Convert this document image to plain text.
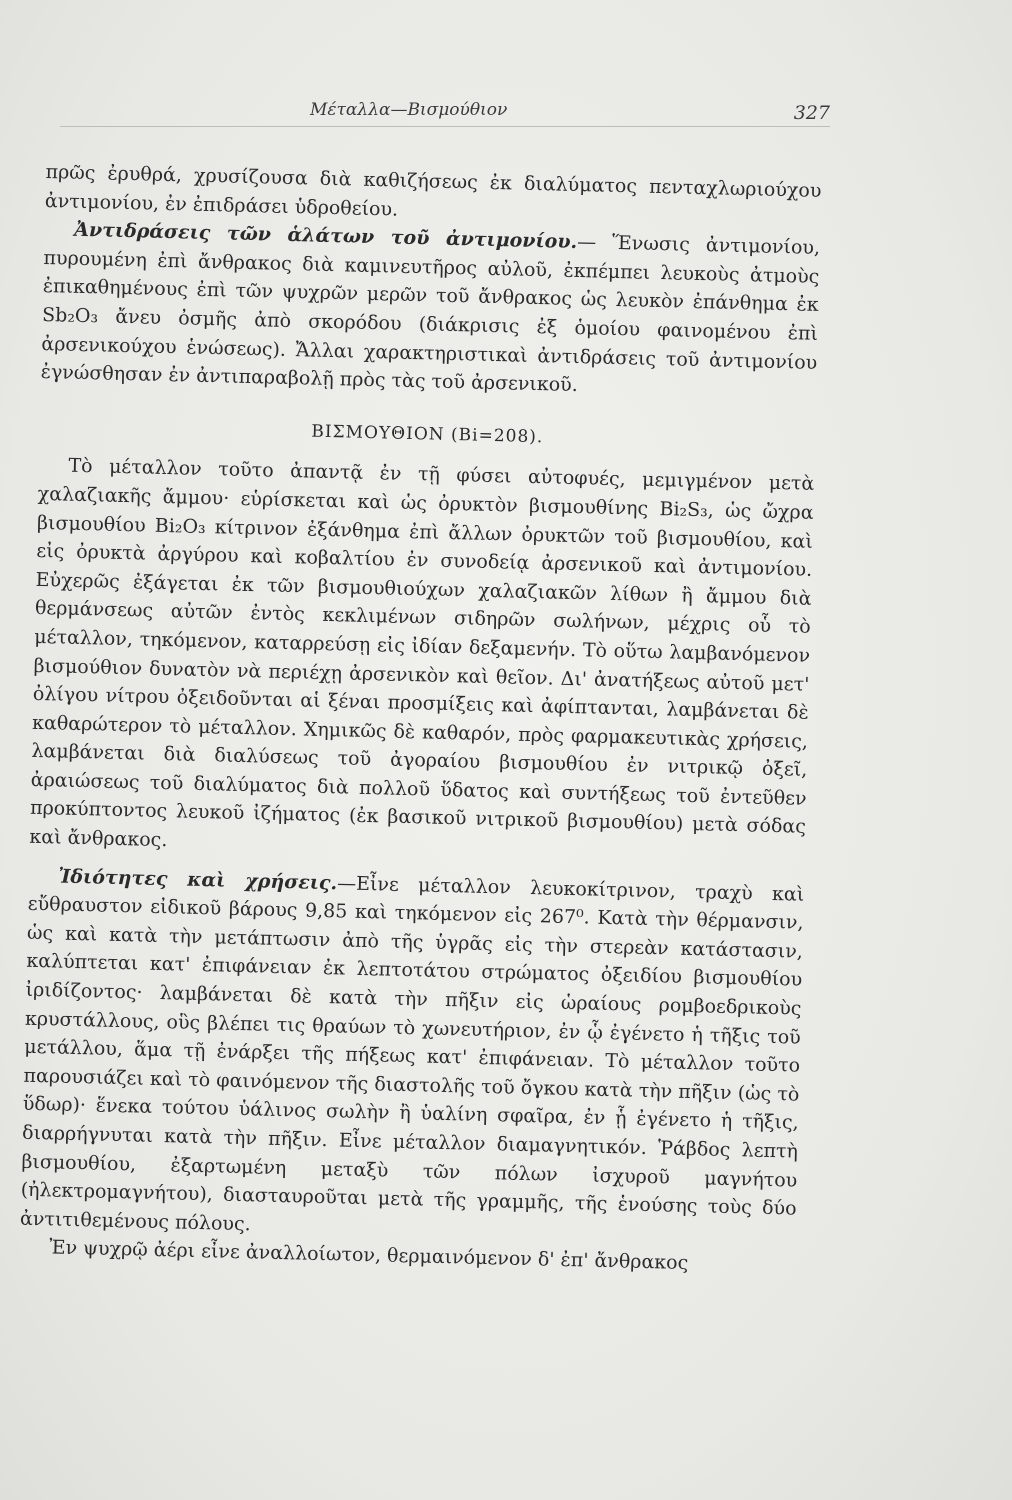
Μέταλλα—Βισμούθιον	327

πρῶς ἐρυθρά, χρυσίζουσα διὰ καθιζήσεως ἐκ διαλύματος πενταχλωριούχου ἀντιμονίου, ἐν ἐπιδράσει ὑδροθείου.

Ἀντιδράσεις τῶν ἁλάτων τοῦ ἀντιμονίου.— Ἕνωσις ἀντιμονίου, πυρουμένη ἐπὶ ἄνθρακος διὰ καμινευτῆρος αὐλοῦ, ἐκπέμπει λευκοὺς ἀτμοὺς ἐπικαθημένους ἐπὶ τῶν ψυχρῶν μερῶν τοῦ ἄνθρακος ὡς λευκὸν ἐπάνθημα ἐκ Sb₂O₃ ἄνευ ὀσμῆς ἀπὸ σκορόδου (διάκρισις ἐξ ὁμοίου φαινομένου ἐπὶ ἀρσενικούχου ἑνώσεως). Ἄλλαι χαρακτηριστικαὶ ἀντιδράσεις τοῦ ἀντιμονίου ἐγνώσθησαν ἐν ἀντιπαραβολῇ πρὸς τὰς τοῦ ἀρσενικοῦ.

ΒΙΣΜΟΥΘΙΟΝ (Bi=208).

Τὸ μέταλλον τοῦτο ἀπαντᾷ ἐν τῇ φύσει αὐτοφυές, μεμιγμένον μετὰ χαλαζιακῆς ἄμμου· εὑρίσκεται καὶ ὡς ὀρυκτὸν βισμουθίνης Bi₂S₃, ὡς ὤχρα βισμουθίου Bi₂O₃ κίτρινον ἐξάνθημα ἐπὶ ἄλλων ὀρυκτῶν τοῦ βισμουθίου, καὶ εἰς ὀρυκτὰ ἀργύρου καὶ κοβαλτίου ἐν συνοδείᾳ ἀρσενικοῦ καὶ ἀντιμονίου. Εὐχερῶς ἐξάγεται ἐκ τῶν βισμουθιούχων χαλαζιακῶν λίθων ἢ ἄμμου διὰ θερμάνσεως αὐτῶν ἐντὸς κεκλιμένων σιδηρῶν σωλήνων, μέχρις οὗ τὸ μέταλλον, τηκόμενον, καταρρεύσῃ εἰς ἰδίαν δεξαμενήν. Τὸ οὕτω λαμβανόμενον βισμούθιον δυνατὸν νὰ περιέχῃ ἀρσενικὸν καὶ θεῖον. Δι' ἀνατήξεως αὐτοῦ μετ' ὀλίγου νίτρου ὀξειδοῦνται αἱ ξέναι προσμίξεις καὶ ἀφίπτανται, λαμβάνεται δὲ καθαρώτερον τὸ μέταλλον. Χημικῶς δὲ καθαρόν, πρὸς φαρμακευτικὰς χρήσεις, λαμβάνεται διὰ διαλύσεως τοῦ ἀγοραίου βισμουθίου ἐν νιτρικῷ ὀξεῖ, ἀραιώσεως τοῦ διαλύματος διὰ πολλοῦ ὕδατος καὶ συντήξεως τοῦ ἐντεῦθεν προκύπτοντος λευκοῦ ἰζήματος (ἐκ βασικοῦ νιτρικοῦ βισμουθίου) μετὰ σόδας καὶ ἄνθρακος.

Ἰδιότητες καὶ χρήσεις.—Εἶνε μέταλλον λευκοκίτρινον, τραχὺ καὶ εὔθραυστον εἰδικοῦ βάρους 9,85 καὶ τηκόμενον εἰς 267⁰. Κατὰ τὴν θέρμανσιν, ὡς καὶ κατὰ τὴν μετάπτωσιν ἀπὸ τῆς ὑγρᾶς εἰς τὴν στερεὰν κατάστασιν, καλύπτεται κατ' ἐπιφάνειαν ἐκ λεπτοτάτου στρώματος ὀξειδίου βισμουθίου ἰριδίζοντος· λαμβάνεται δὲ κατὰ τὴν πῆξιν εἰς ὡραίους ρομβοεδρικοὺς κρυστάλλους, οὓς βλέπει τις θραύων τὸ χωνευτήριον, ἐν ᾧ ἐγένετο ἡ τῆξις τοῦ μετάλλου, ἅμα τῇ ἐνάρξει τῆς πήξεως κατ' ἐπιφάνειαν. Τὸ μέταλλον τοῦτο παρουσιάζει καὶ τὸ φαινόμενον τῆς διαστολῆς τοῦ ὄγκου κατὰ τὴν πῆξιν (ὡς τὸ ὕδωρ)· ἕνεκα τούτου ὑάλινος σωλὴν ἢ ὑαλίνη σφαῖρα, ἐν ᾗ ἐγένετο ἡ τῆξις, διαρρήγνυται κατὰ τὴν πῆξιν. Εἶνε μέταλλον διαμαγνητικόν. Ῥάβδος λεπτὴ βισμουθίου, ἐξαρτωμένη μεταξὺ τῶν πόλων ἰσχυροῦ μαγνήτου (ἠλεκτρομαγνήτου), διασταυροῦται μετὰ τῆς γραμμῆς, τῆς ἑνούσης τοὺς δύο ἀντιτιθεμένους πόλους.

Ἐν ψυχρῷ ἀέρι εἶνε ἀναλλοίωτον, θερμαινόμενον δ' ἐπ' ἄνθρακος
